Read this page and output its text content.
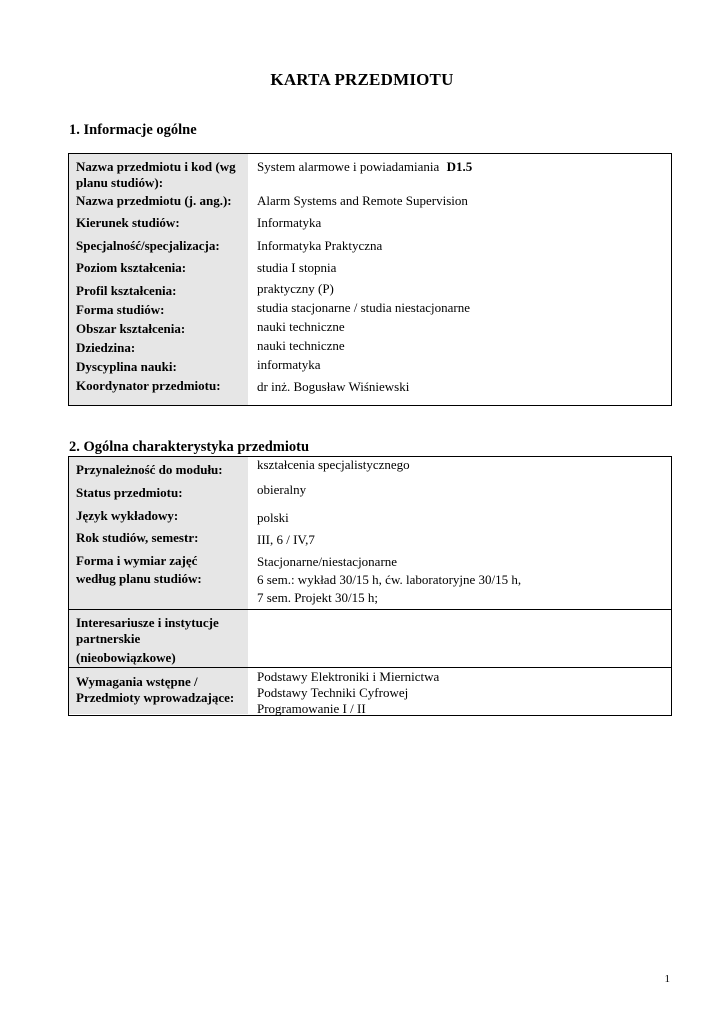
KARTA PRZEDMIOTU
1. Informacje ogólne
Nazwa przedmiotu i kod (wg planu studiów):
Nazwa przedmiotu (j. ang.):
Kierunek studiów:
Specjalność/specjalizacja:
Poziom kształcenia:
Profil kształcenia:
Forma studiów:
Obszar kształcenia:
Dziedzina:
Dyscyplina nauki:
Koordynator przedmiotu:
System alarmowe i powiadamiania D1.5
Alarm Systems and Remote Supervision
Informatyka
Informatyka Praktyczna
studia I stopnia
praktyczny (P)
studia stacjonarne / studia niestacjonarne
nauki techniczne
nauki techniczne
informatyka
dr inż. Bogusław Wiśniewski
2. Ogólna charakterystyka przedmiotu
Przynależność do modułu:
Status przedmiotu:
Język wykładowy:
Rok studiów, semestr:
Forma i wymiar zajęć
według planu studiów:
kształcenia specjalistycznego
obieralny
polski
III, 6 / IV,7
Stacjonarne/niestacjonarne
6 sem.: wykład 30/15 h, ćw. laboratoryjne 30/15 h,
7 sem. Projekt 30/15 h;
Interesariusze i instytucje
partnerskie
(nieobowiązkowe)
Wymagania wstępne /
Przedmioty wprowadzające:
Podstawy Elektroniki i Miernictwa
Podstawy Techniki Cyfrowej
Programowanie I / II
1
